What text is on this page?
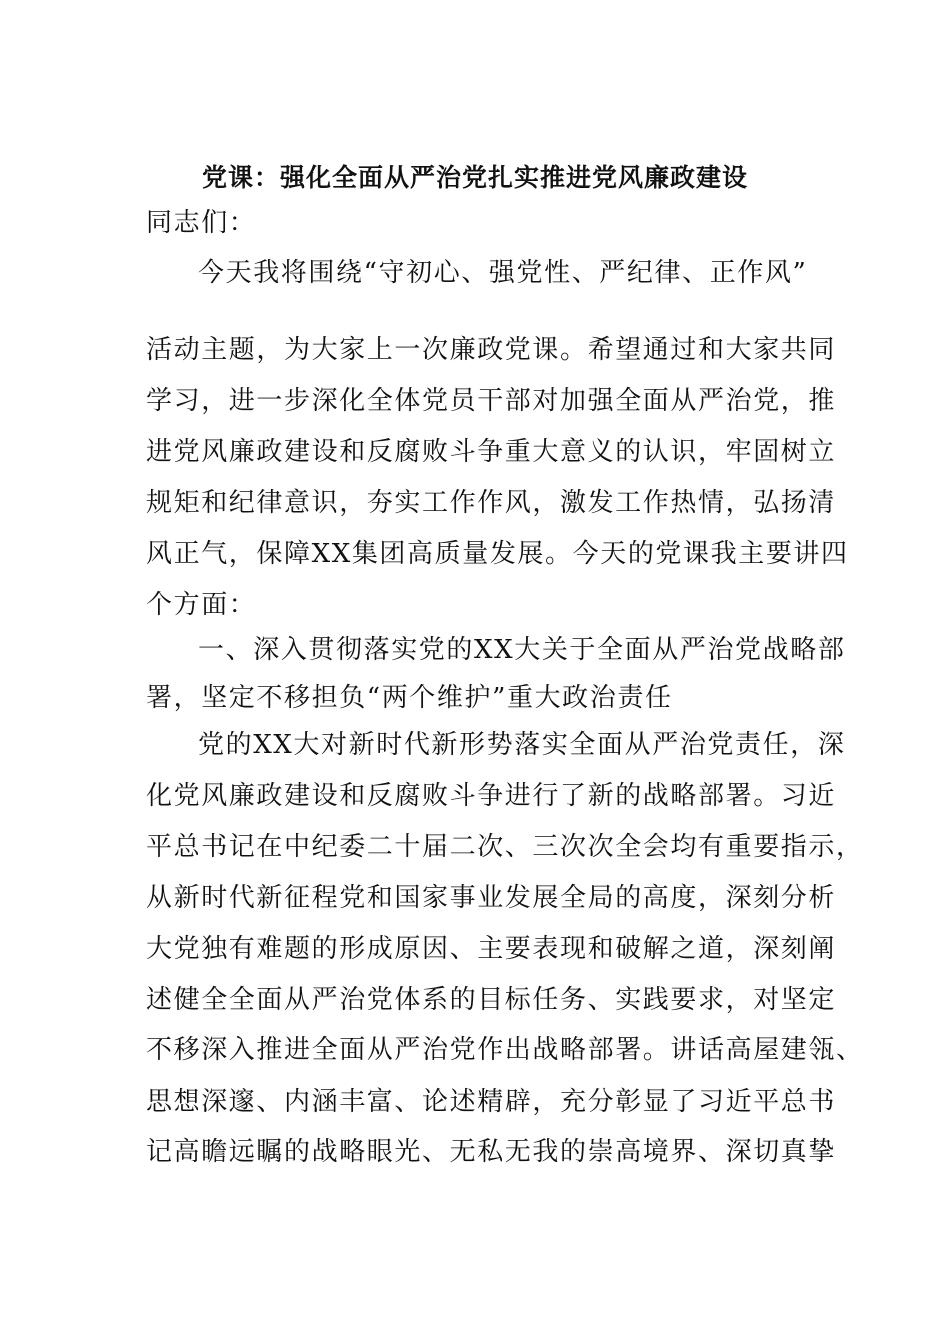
党课：强化全面从严治党扎实推进党风廉政建设
同志们：
今天我将围绕“守初心、强党性、严纪律、正作风”
活动主题，为大家上一次廉政党课。希望通过和大家共同
学习，进一步深化全体党员干部对加强全面从严治党，推
进党风廉政建设和反腐败斗争重大意义的认识，牢固树立
规矩和纪律意识，夯实工作作风，激发工作热情，弘扬清
风正气，保障XX集团高质量发展。今天的党课我主要讲四
个方面：
一、深入贯彻落实党的XX大关于全面从严治党战略部
署，坚定不移担负“两个维护”重大政治责任
党的XX大对新时代新形势落实全面从严治党责任，深
化党风廉政建设和反腐败斗争进行了新的战略部署。习近
平总书记在中纪委二十届二次、三次次全会均有重要指示，
从新时代新征程党和国家事业发展全局的高度，深刻分析
大党独有难题的形成原因、主要表现和破解之道，深刻阐
述健全全面从严治党体系的目标任务、实践要求，对坚定
不移深入推进全面从严治党作出战略部署。讲话高屋建瓴、
思想深邃、内涵丰富、论述精辟，充分彰显了习近平总书
记高瞻远瞩的战略眼光、无私无我的崇高境界、深切真挚
